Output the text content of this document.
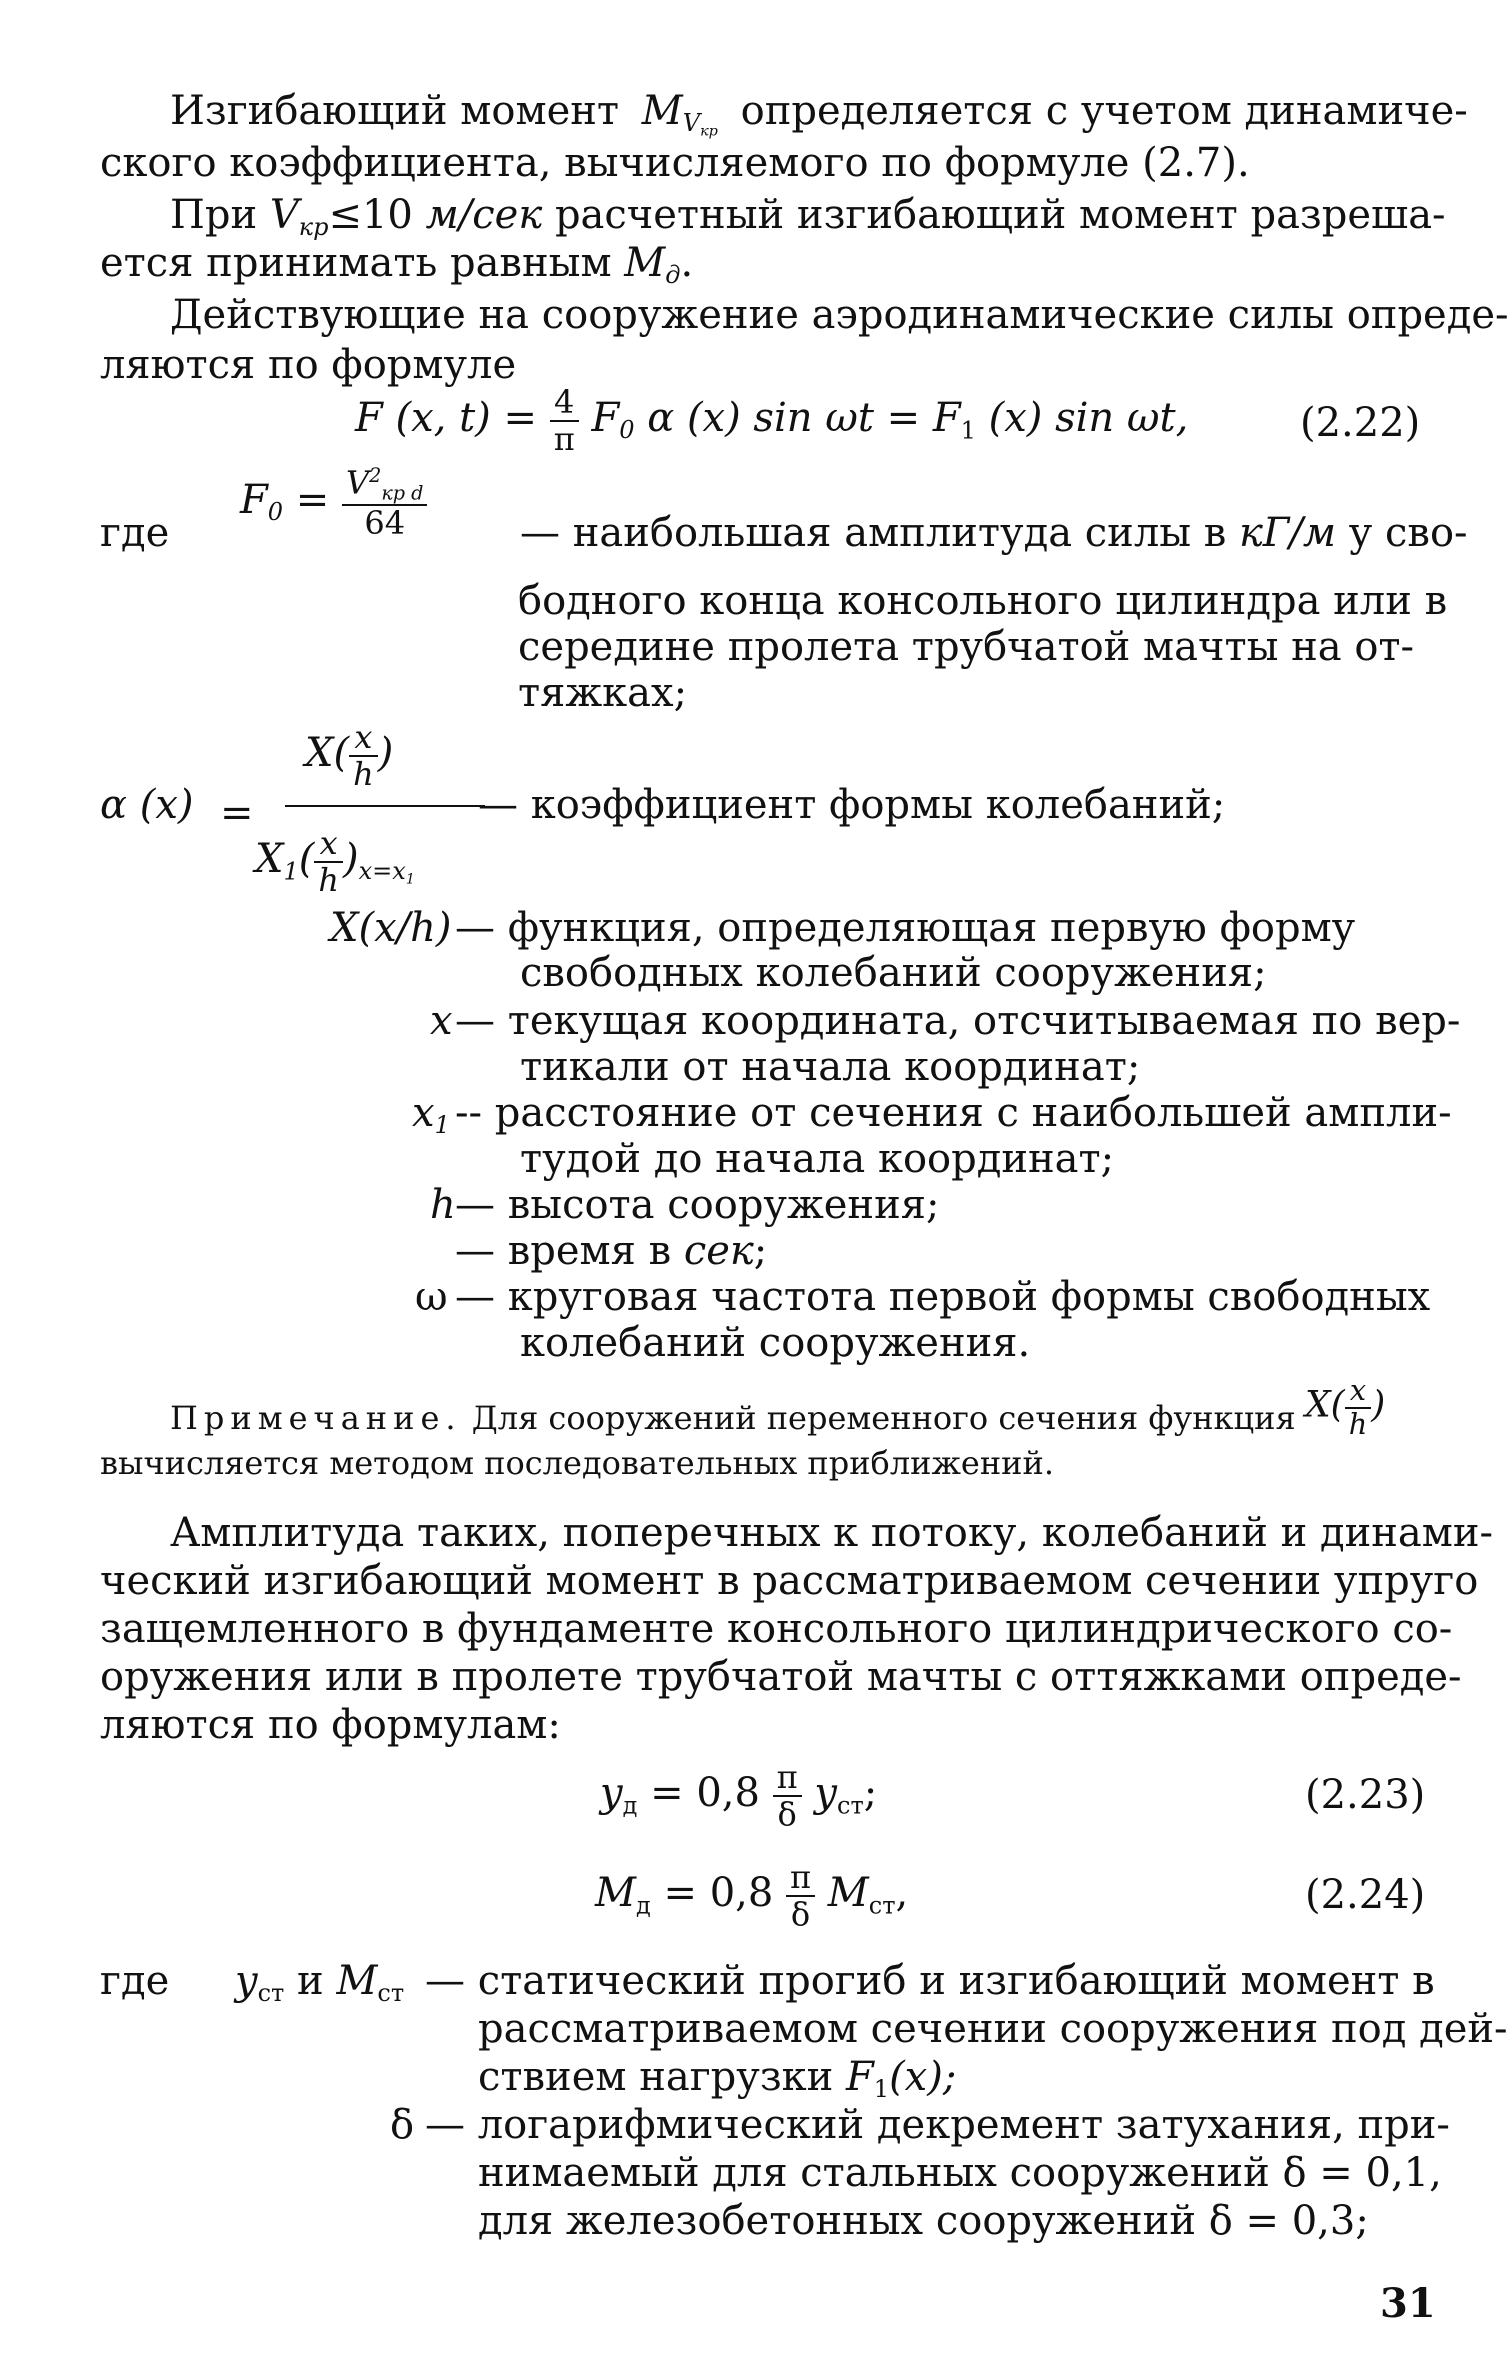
Изгибающий момент $M_{V_{кр}}$ определяется с учетом динамиче-
ского коэффициента, вычисляемого по формуле (2.7).
При $V_{кр}\le 10$ м/сек расчетный изгибающий момент разреша-
ется принимать равным $M_д$.
Действующие на сооружение аэродинамические силы опреде-
ляются по формуле
F (x, $t) = \frac{4}{\pi} F_0$ α (x) $\sin \omega t = F_1$ (x) sin ωt,	(2.22)
где
$F_0 = \frac{V^2_{кр d}}{64}$ — наибольшая амплитуда силы в кГ/м у сво-
бодного конца консольного цилиндра или в
середине пролета трубчатой мачты на от-
тяжках;
α (x) =
$X( \frac{x}{h}$ )
$X_1( \frac{x}{h} )_{x=x_1}$
— коэффициент формы колебаний;
X(x/h) — функция, определяющая первую форму
свободных колебаний сооружения;
x — текущая координата, отсчитываемая по вер-
тикали от начала координат;
$x_1$ -- расстояние от сечения с наибольшей ампли-
тудой до начала координат;
h — высота сооружения;
— время в сек;
ω — круговая частота первой формы свободных
колебаний сооружения.
Примечание. Для сооружений переменного сечения функция $X( \frac{x}{h}$ )
вычисляется методом последовательных приближений.
Амплитуда таких, поперечных к потоку, колебаний и динами-
ческий изгибающий момент в рассматриваемом сечении упруго
защемленного в фундаменте консольного цилиндрического со-
оружения или в пролете трубчатой мачты с оттяжками опреде-
ляются по формулам:
$y_д = 0,8 \frac{\pi}{\delta} y_{ст}$;	(2.23)
$M_д = 0,8 \frac{\pi}{\delta} M_{ст}$,	(2.24)
где $y_{ст}$ и $M_{ст}$ — статический прогиб и изгибающий момент в
рассматриваемом сечении сооружения под дей-
ствием нагрузки $F_1(x)$;
δ — логарифмический декремент затухания, при-
нимаемый для стальных сооружений δ = 0,1,
для железобетонных сооружений δ = 0,3;
31
